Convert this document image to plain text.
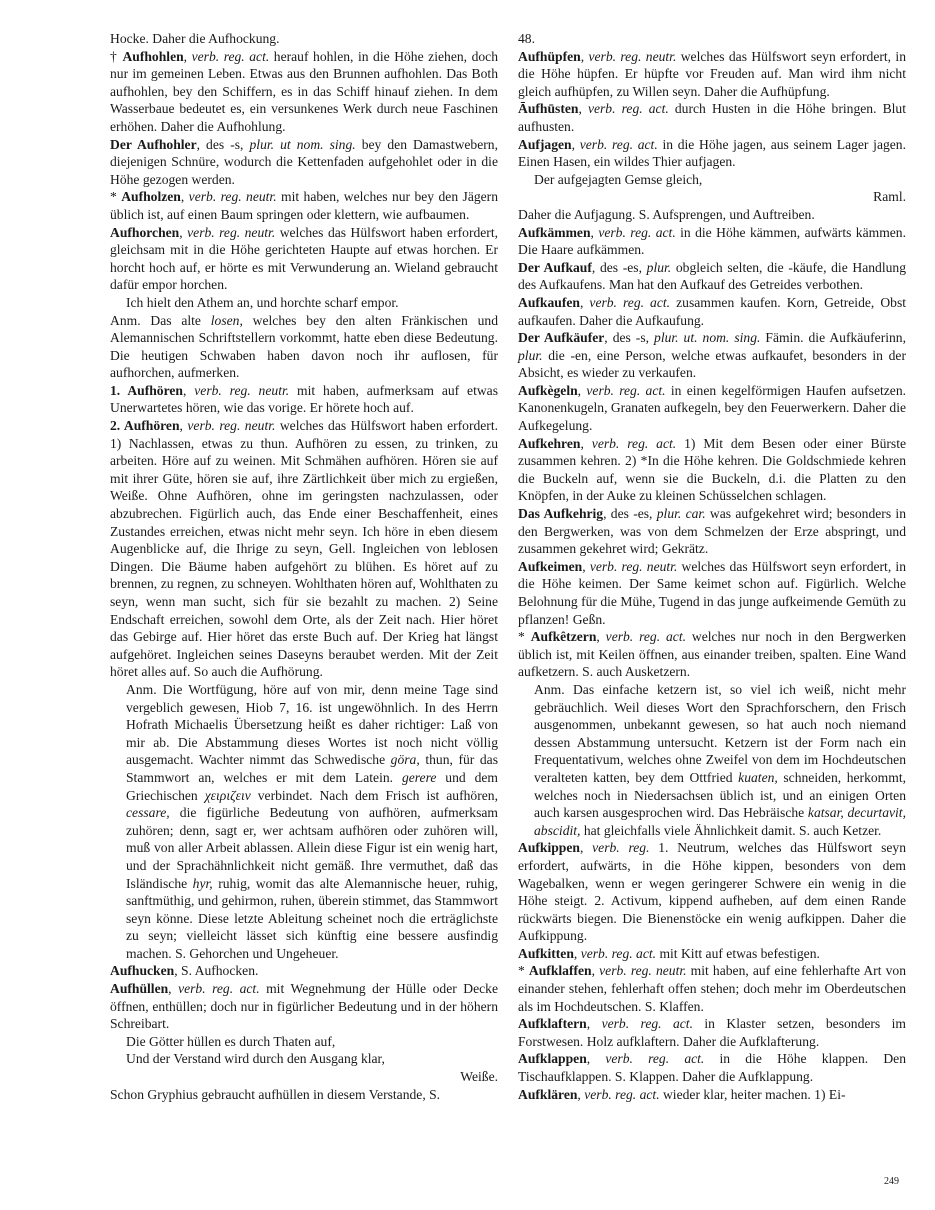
Hocke. Daher die Aufhockung.

† Aufhohlen, verb. reg. act. herauf hohlen, in die Höhe ziehen, doch nur im gemeinen Leben. Etwas aus den Brunnen aufhohlen. Das Both aufhohlen, bey den Schiffern, es in das Schiff hinauf ziehen. In dem Wasserbaue bedeutet es, ein versunkenes Werk durch neue Faschinen erhöhen. Daher die Aufhohlung.

Der Aufhohler, des -s, plur. ut nom. sing. bey den Damastwebern, diejenigen Schnüre, wodurch die Kettenfaden aufgehohlet oder in die Höhe gezogen werden.

* Aufholzen, verb. reg. neutr. mit haben, welches nur bey den Jägern üblich ist, auf einen Baum springen oder klettern, wie aufbaumen.

Aufhorchen, verb. reg. neutr. welches das Hülfswort haben erfordert, gleichsam mit in die Höhe gerichteten Haupte auf etwas horchen. Er horcht hoch auf, er hörte es mit Verwunderung an. Wieland gebraucht dafür empor horchen.

Ich hielt den Athem an, und horchte scharf empor.

Anm. Das alte losen, welches bey den alten Fränkischen und Alemannischen Schriftstellern vorkommt, hatte eben diese Bedeutung. Die heutigen Schwaben haben davon noch ihr auflosen, für aufhorchen, aufmerken.

1. Aufhören, verb. reg. neutr. mit haben, aufmerksam auf etwas Unerwartetes hören, wie das vorige. Er hörete hoch auf.

2. Aufhören, verb. reg. neutr. welches das Hülfswort haben erfordert. 1) Nachlassen, etwas zu thun. Aufhören zu essen, zu trinken, zu arbeiten. Höre auf zu weinen. Mit Schmähen aufhören. Hören sie auf mit ihrer Güte, hören sie auf, ihre Zärtlichkeit über mich zu ergießen, Weiße. Ohne Aufhören, ohne im geringsten nachzulassen, oder abzubrechen. Figürlich auch, das Ende einer Beschaffenheit, eines Zustandes erreichen, etwas nicht mehr seyn. Ich höre in eben diesem Augenblicke auf, die Ihrige zu seyn, Gell. Ingleichen von leblosen Dingen. Die Bäume haben aufgehört zu blühen. Es höret auf zu brennen, zu regnen, zu schneyen. Wohlthaten hören auf, Wohlthaten zu seyn, wenn man sucht, sich für sie bezahlt zu machen. 2) Seine Endschaft erreichen, sowohl dem Orte, als der Zeit nach. Hier höret das Gebirge auf. Hier höret das erste Buch auf. Der Krieg hat längst aufgehöret. Ingleichen seines Daseyns beraubet werden. Mit der Zeit höret alles auf. So auch die Aufhörung.

Anm. Die Wortfügung, höre auf von mir, denn meine Tage sind vergeblich gewesen, Hiob 7, 16. ist ungewöhnlich. In des Herrn Hofrath Michaelis Übersetzung heißt es daher richtiger: Laß von mir ab. Die Abstammung dieses Wortes ist noch nicht völlig ausgemacht. Wachter nimmt das Schwedische göra, thun, für das Stammwort an, welches er mit dem Latein. gerere und dem Griechischen χειριζειν verbindet. Nach dem Frisch ist aufhören, cessare, die figürliche Bedeutung von aufhören, aufmerksam zuhören; denn, sagt er, wer achtsam aufhören oder zuhören will, muß von aller Arbeit ablassen. Allein diese Figur ist ein wenig hart, und der Sprachähnlichkeit nicht gemäß. Ihre vermuthet, daß das Isländische hyr, ruhig, womit das alte Alemannische heuer, ruhig, sanftmüthig, und gehirmon, ruhen, überein stimmet, das Stammwort seyn könne. Diese letzte Ableitung scheinet noch die erträglichste zu seyn; vielleicht lässet sich künftig eine bessere ausfindig machen. S. Gehorchen und Ungeheuer.

Aufhucken, S. Aufhocken.

Aufhüllen, verb. reg. act. mit Wegnehmung der Hülle oder Decke öffnen, enthüllen; doch nur in figürlicher Bedeutung und in der höhern Schreibart.

Die Götter hüllen es durch Thaten auf,

Und der Verstand wird durch den Ausgang klar,

Weiße.

Schon Gryphius gebraucht aufhüllen in diesem Verstande, S.

48.

Aufhüpfen, verb. reg. neutr. welches das Hülfswort seyn erfordert, in die Höhe hüpfen. Er hüpfte vor Freuden auf. Man wird ihm nicht gleich aufhüpfen, zu Willen seyn. Daher die Aufhüpfung.

Āufhūsten, verb. reg. act. durch Husten in die Höhe bringen. Blut aufhusten.

Aufjagen, verb. reg. act. in die Höhe jagen, aus seinem Lager jagen. Einen Hasen, ein wildes Thier aufjagen.

Der aufgejagten Gemse gleich,

Raml.

Daher die Aufjagung. S. Aufsprengen, und Auftreiben.

Aufkämmen, verb. reg. act. in die Höhe kämmen, aufwärts kämmen. Die Haare aufkämmen.

Der Aufkauf, des -es, plur. obgleich selten, die -käufe, die Handlung des Aufkaufens. Man hat den Aufkauf des Getreides verbothen.

Aufkaufen, verb. reg. act. zusammen kaufen. Korn, Getreide, Obst aufkaufen. Daher die Aufkaufung.

Der Aufkäufer, des -s, plur. ut. nom. sing. Fämin. die Aufkäuferinn, plur. die -en, eine Person, welche etwas aufkaufet, besonders in der Absicht, es wieder zu verkaufen.

Aufkègeln, verb. reg. act. in einen kegelförmigen Haufen aufsetzen. Kanonenkugeln, Granaten aufkegeln, bey den Feuerwerkern. Daher die Aufkegelung.

Aufkehren, verb. reg. act. 1) Mit dem Besen oder einer Bürste zusammen kehren. 2) *In die Höhe kehren. Die Goldschmiede kehren die Buckeln auf, wenn sie die Buckeln, d.i. die Platten zu den Knöpfen, in der Auke zu kleinen Schüsselchen schlagen.

Das Aufkehrig, des -es, plur. car. was aufgekehret wird; besonders in den Bergwerken, was von dem Schmelzen der Erze abspringt, und zusammen gekehret wird; Gekrätz.

Aufkeimen, verb. reg. neutr. welches das Hülfswort seyn erfordert, in die Höhe keimen. Der Same keimet schon auf. Figürlich. Welche Belohnung für die Mühe, Tugend in das junge aufkeimende Gemüth zu pflanzen! Geßn.

* Aufkêtzern, verb. reg. act. welches nur noch in den Bergwerken üblich ist, mit Keilen öffnen, aus einander treiben, spalten. Eine Wand aufketzern. S. auch Ausketzern.

Anm. Das einfache ketzern ist, so viel ich weiß, nicht mehr gebräuchlich. Weil dieses Wort den Sprachforschern, den Frisch ausgenommen, unbekannt gewesen, so hat auch noch niemand dessen Abstammung untersucht. Ketzern ist der Form nach ein Frequentativum, welches ohne Zweifel von dem im Hochdeutschen veralteten katten, bey dem Ottfried kuaten, schneiden, herkommt, welches noch in Niedersachsen üblich ist, und an einigen Orten auch karsen ausgesprochen wird. Das Hebräische katsar, decurtavit, abscidit, hat gleichfalls viele Ähnlichkeit damit. S. auch Ketzer.

Aufkippen, verb. reg. 1. Neutrum, welches das Hülfswort seyn erfordert, aufwärts, in die Höhe kippen, besonders von dem Wagebalken, wenn er wegen geringerer Schwere ein wenig in die Höhe steigt. 2. Activum, kippend aufheben, auf dem einen Rande rückwärts biegen. Die Bienenstöcke ein wenig aufkippen. Daher die Aufkippung.

Aufkitten, verb. reg. act. mit Kitt auf etwas befestigen.

* Aufklaffen, verb. reg. neutr. mit haben, auf eine fehlerhafte Art von einander stehen, fehlerhaft offen stehen; doch mehr im Oberdeutschen als im Hochdeutschen. S. Klaffen.

Aufklaftern, verb. reg. act. in Klaster setzen, besonders im Forstwesen. Holz aufklaftern. Daher die Aufklafterung.

Aufklappen, verb. reg. act. in die Höhe klappen. Den Tischaufklappen. S. Klappen. Daher die Aufklappung.

Aufklären, verb. reg. act. wieder klar, heiter machen. 1) Ei-

249
